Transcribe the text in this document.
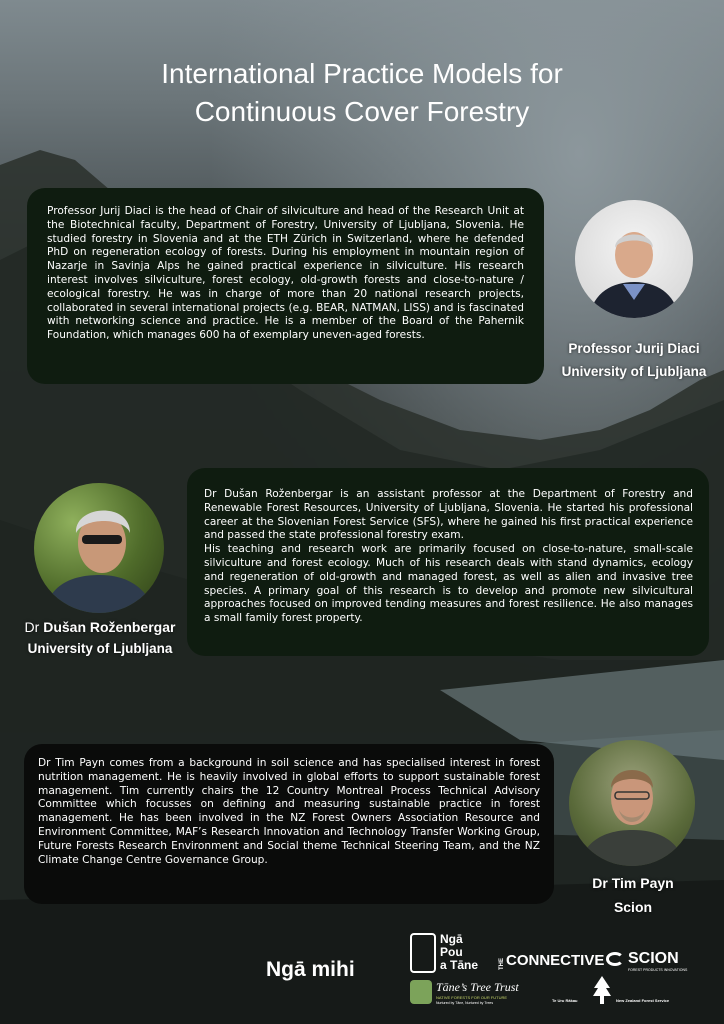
International Practice Models for
Continuous Cover Forestry

Professor Jurij Diaci is the head of Chair of silviculture and head of the Research Unit at the Biotechnical faculty, Department of Forestry, University of Ljubljana, Slovenia. He studied forestry in Slovenia and at the ETH Zürich in Switzerland, where he defended PhD on regeneration ecology of forests. During his employment in mountain region of Nazarje in Savinja Alps he gained practical experience in silviculture. His research interest involves silviculture, forest ecology, old-growth forests and close-to-nature / ecological forestry. He was in charge of more than 20 national research projects, collaborated in several international projects (e.g. BEAR, NATMAN, LISS) and is fascinated with networking science and practice. He is a member of the Board of the Pahernik Foundation, which manages 600 ha of exemplary uneven-aged forests.

Professor Jurij Diaci
University of Ljubljana

Dr Dušan Roženbergar is an assistant professor at the Department of Forestry and Renewable Forest Resources, University of Ljubljana, Slovenia. He started his professional career at the Slovenian Forest Service (SFS), where he gained his first practical experience and passed the state professional forestry exam.

His teaching and research work are primarily focused on close-to-nature, small-scale silviculture and forest ecology. Much of his research deals with stand dynamics, ecology and regeneration of old-growth and managed forest, as well as alien and invasive tree species. A primary goal of this research is to develop and promote new silvicultural approaches focused on improved tending measures and forest resilience. He also manages a small family forest property.

Dr Dušan Roženbergar
University of Ljubljana

Dr Tim Payn comes from a background in soil science and has specialised interest in forest nutrition management. He is heavily involved in global efforts to support sustainable forest management. Tim currently chairs the 12 Country Montreal Process Technical Advisory Committee which focusses on defining and measuring sustainable practice in forest management. He has been involved in the NZ Forest Owners Association Resource and Environment Committee, MAF’s Research Innovation and Technology Transfer Working Group, Future Forests Research Environment and Social theme Technical Steering Team, and the NZ Climate Change Centre Governance Group.

Dr Tim Payn
Scion
Ngā mihi
Ngā
Pou
a Tāne	THECONNECTIVE SCION
FOREST PRODUCTS INNOVATIONS
Tāne’s Tree Trust
NATIVE FORESTS FOR OUR FUTURE
Nurtured by Tāne, Nurtured by Trees	Te Uru Rākau	New Zealand Forest Service
